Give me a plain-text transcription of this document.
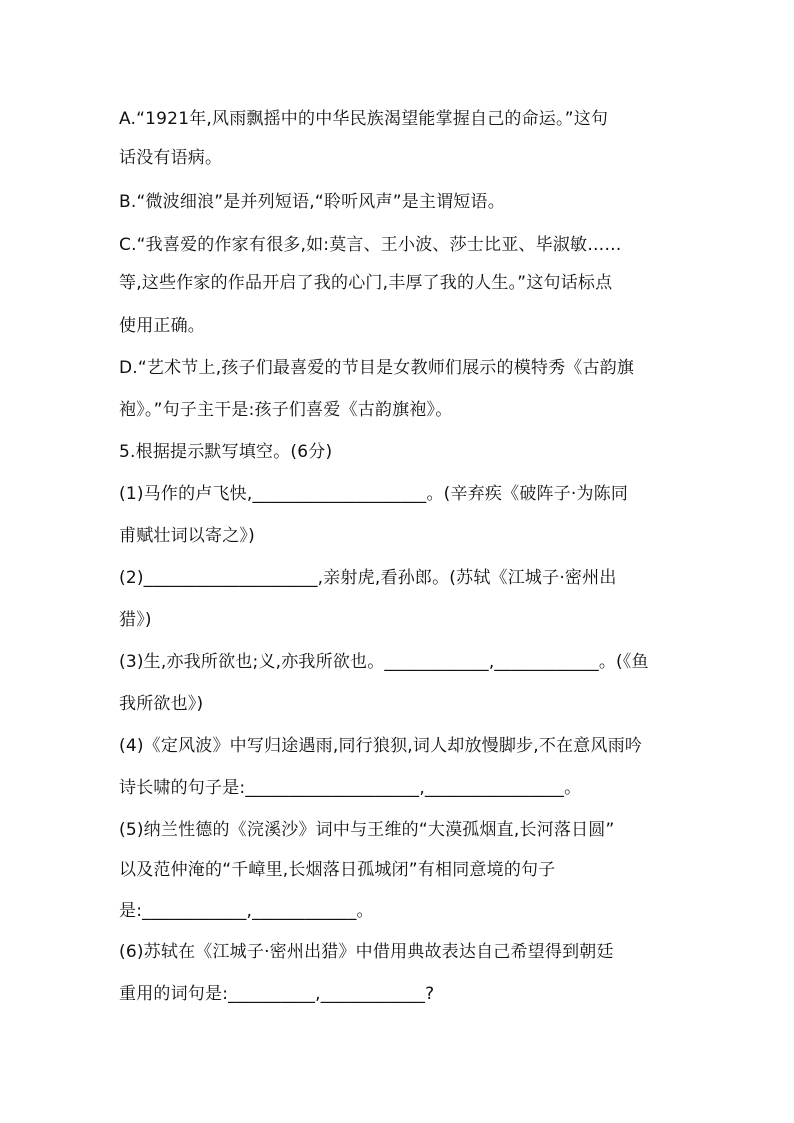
A.“1921年,风雨飘摇中的中华民族渴望能掌握自己的命运。”这句
话没有语病。
B.“微波细浪”是并列短语,“聆听风声”是主谓短语。
C.“我喜爱的作家有很多,如:莫言、王小波、莎士比亚、毕淑敏……
等,这些作家的作品开启了我的心门,丰厚了我的人生。”这句话标点
使用正确。
D.“艺术节上,孩子们最喜爱的节目是女教师们展示的模特秀《古韵旗
袍》。”句子主干是:孩子们喜爱《古韵旗袍》。
5.根据提示默写填空。(6分)
(1)马作的卢飞快,____________________。(辛弃疾《破阵子·为陈同
甫赋壮词以寄之》)
(2)____________________,亲射虎,看孙郎。(苏轼《江城子·密州出
猎》)
(3)生,亦我所欲也;义,亦我所欲也。____________,____________。(《鱼
我所欲也》)
(4)《定风波》中写归途遇雨,同行狼狈,词人却放慢脚步,不在意风雨吟
诗长啸的句子是:____________________,________________。
(5)纳兰性德的《浣溪沙》词中与王维的“大漠孤烟直,长河落日圆”
以及范仲淹的“千嶂里,长烟落日孤城闭”有相同意境的句子
是:____________,____________。
(6)苏轼在《江城子·密州出猎》中借用典故表达自己希望得到朝廷
重用的词句是:__________,____________?
